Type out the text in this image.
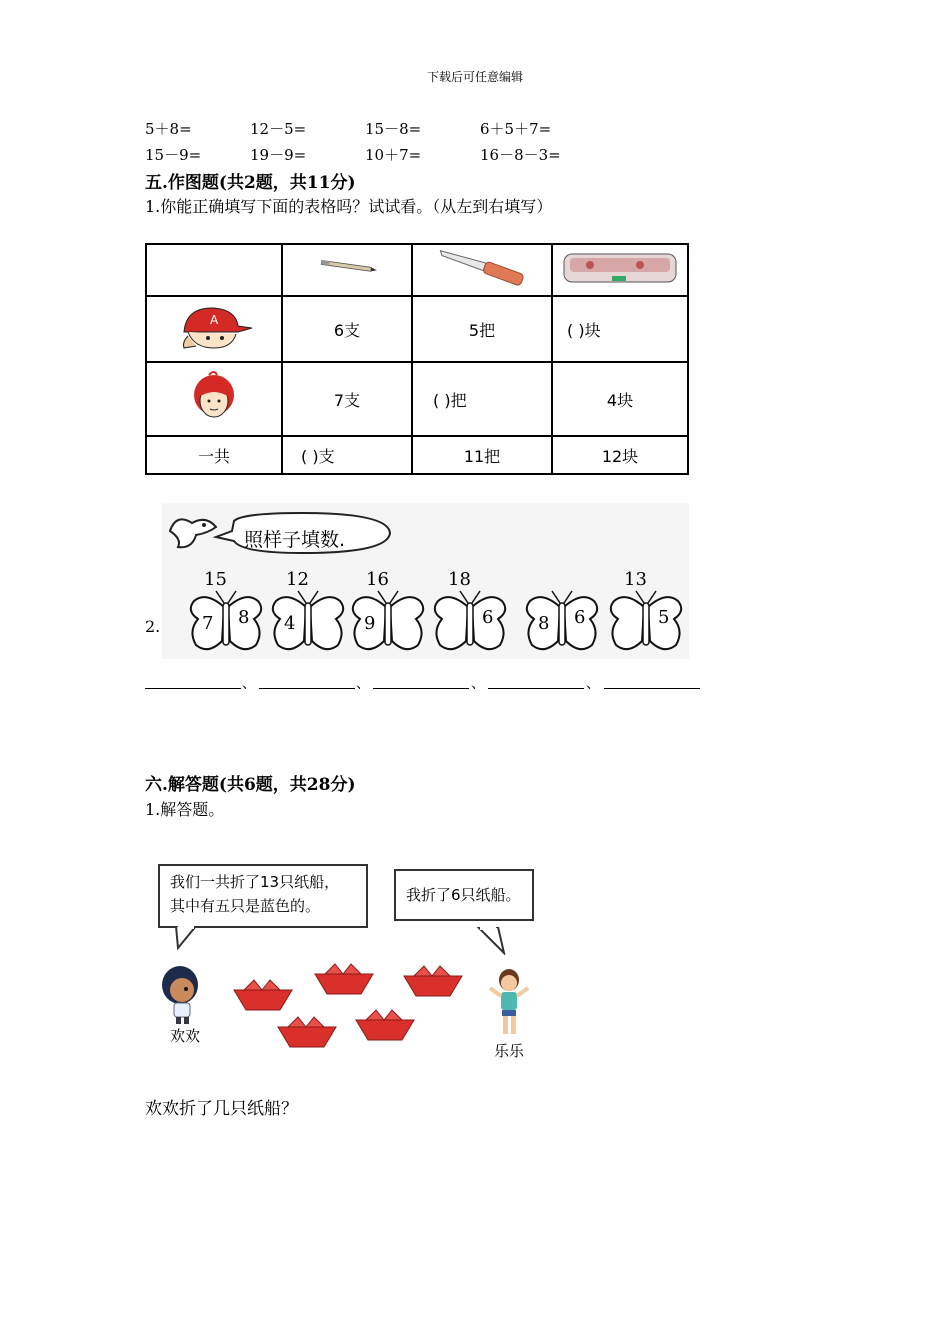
下载后可任意编辑
5＋8=	12－5=	15－8=	6＋5＋7=
15－9=	19－9=	10＋7=	16－8－3=
五.作图题(共2题，共11分)
1.你能正确填写下面的表格吗？试试看。（从左到右填写）

A	6支	5把	( )块
	7支	( )把	4块
一共	( )支	11把	12块
2.
照样子填数.
15
7 8
12
4
16
9
18
6 8 6
13
5
、	、	、	、
六.解答题(共6题，共28分)
1.解答题。
我们一共折了13只纸船，
其中有五只是蓝色的。
我折了6只纸船。
欢欢
乐乐
欢欢折了几只纸船？
